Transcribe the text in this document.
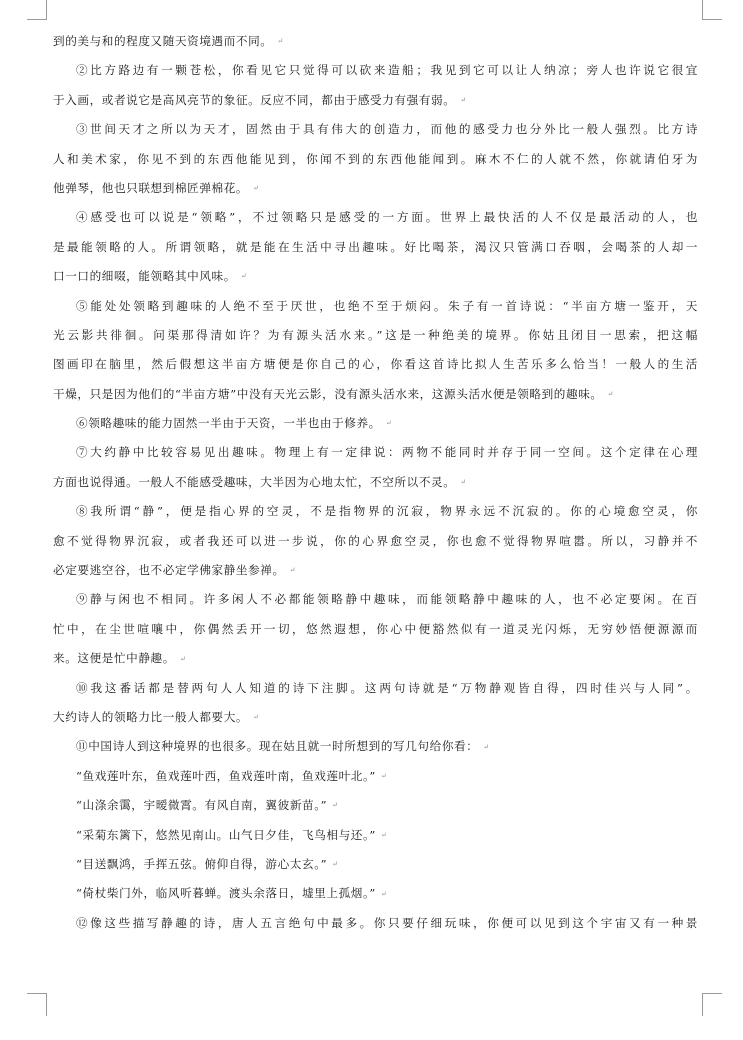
到的美与和的程度又随天资境遇而不同。 ↵
②比方路边有一颗苍松，你看见它只觉得可以砍来造船；我见到它可以让人纳凉；旁人也许说它很宜
于入画，或者说它是高风亮节的象征。反应不同，都由于感受力有强有弱。 ↵
③世间天才之所以为天才，固然由于具有伟大的创造力，而他的感受力也分外比一般人强烈。比方诗
人和美术家，你见不到的东西他能见到，你闻不到的东西他能闻到。麻木不仁的人就不然，你就请伯牙为
他弹琴，他也只联想到棉匠弹棉花。 ↵
④感受也可以说是“领略”，不过领略只是感受的一方面。世界上最快活的人不仅是最活动的人，也
是最能领略的人。所谓领略，就是能在生活中寻出趣味。好比喝茶，渴汉只管满口吞咽，会喝茶的人却一
口一口的细啜，能领略其中风味。 ↵
⑤能处处领略到趣味的人绝不至于厌世，也绝不至于烦闷。朱子有一首诗说：“半亩方塘一鉴开，天
光云影共徘徊。问渠那得清如许？为有源头活水来。”这是一种绝美的境界。你姑且闭目一思索，把这幅
图画印在脑里，然后假想这半亩方塘便是你自己的心，你看这首诗比拟人生苦乐多么恰当！一般人的生活
干燥，只是因为他们的“半亩方塘”中没有天光云影，没有源头活水来，这源头活水便是领略到的趣味。 ↵
⑥领略趣味的能力固然一半由于天资，一半也由于修养。 ↵
⑦大约静中比较容易见出趣味。物理上有一定律说：两物不能同时并存于同一空间。这个定律在心理
方面也说得通。一般人不能感受趣味，大半因为心地太忙，不空所以不灵。 ↵
⑧我所谓“静”，便是指心界的空灵，不是指物界的沉寂，物界永远不沉寂的。你的心境愈空灵，你
愈不觉得物界沉寂，或者我还可以进一步说，你的心界愈空灵，你也愈不觉得物界喧嚣。所以，习静并不
必定要逃空谷，也不必定学佛家静坐参禅。 ↵
⑨静与闲也不相同。许多闲人不必都能领略静中趣味，而能领略静中趣味的人，也不必定要闲。在百
忙中，在尘世喧嚷中，你偶然丢开一切，悠然遐想，你心中便豁然似有一道灵光闪烁，无穷妙悟便源源而
来。这便是忙中静趣。 ↵
⑩我这番话都是替两句人人知道的诗下注脚。这两句诗就是“万物静观皆自得，四时佳兴与人同”。
大约诗人的领略力比一般人都要大。 ↵
⑪中国诗人到这种境界的也很多。现在姑且就一时所想到的写几句给你看： ↵
“鱼戏莲叶东，鱼戏莲叶西，鱼戏莲叶南，鱼戏莲叶北。” ↵
“山涤余霭，宇暧微霄。有风自南，翼彼新苗。” ↵
“采菊东篱下，悠然见南山。山气日夕佳，飞鸟相与还。” ↵
“目送飘鸿，手挥五弦。俯仰自得，游心太玄。” ↵
“倚杖柴门外，临风听暮蝉。渡头余落日，墟里上孤烟。” ↵
⑫像这些描写静趣的诗，唐人五言绝句中最多。你只要仔细玩味，你便可以见到这个宇宙又有一种景
